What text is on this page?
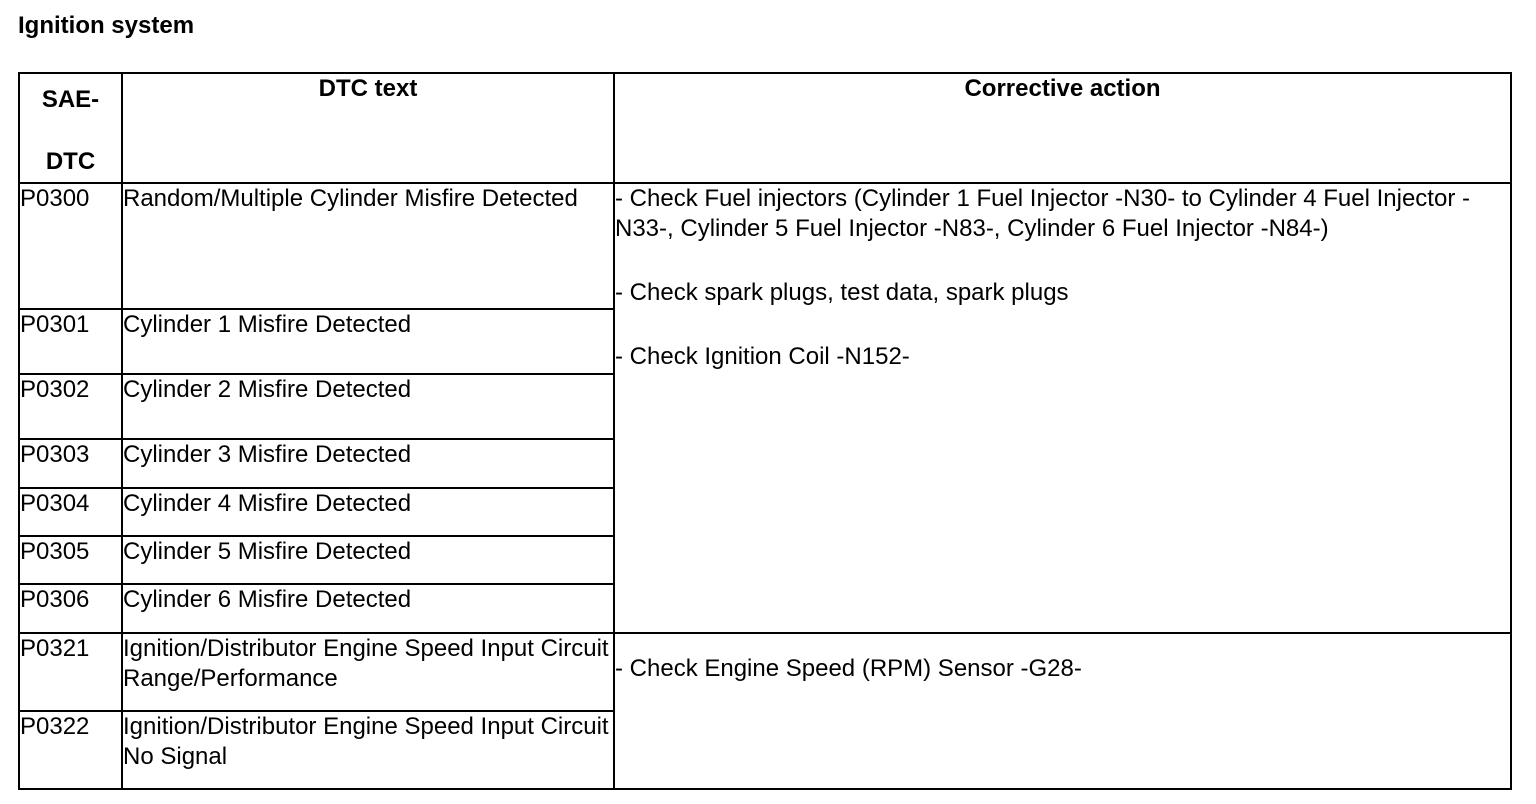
Ignition system
SAE-
DTC	DTC text	Corrective action
P0300	Random/Multiple Cylinder Misfire Detected	- Check Fuel injectors (Cylinder 1 Fuel Injector -N30- to Cylinder 4 Fuel Injector -N33-, Cylinder 5 Fuel Injector -N83-, Cylinder 6 Fuel Injector -N84-)
- Check spark plugs, test data, spark plugs
- Check Ignition Coil -N152-

P0301	Cylinder 1 Misfire Detected	
P0302	Cylinder 2 Misfire Detected	
P0303	Cylinder 3 Misfire Detected	
P0304	Cylinder 4 Misfire Detected	
P0305	Cylinder 5 Misfire Detected	
P0306	Cylinder 6 Misfire Detected	
P0321	Ignition/Distributor Engine Speed Input Circuit Range/Performance	- Check Engine Speed (RPM) Sensor -G28-

P0322	Ignition/Distributor Engine Speed Input Circuit No Signal	
